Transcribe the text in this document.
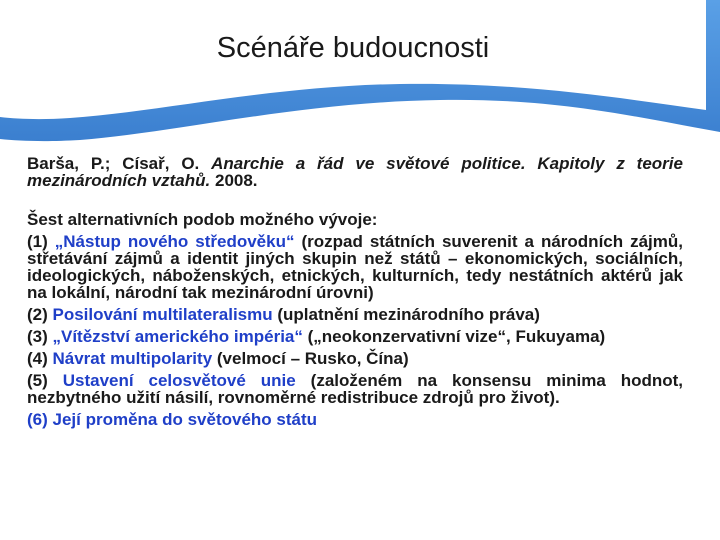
Scénáře budoucnosti

Barša, P.; Císař, O. Anarchie a řád ve světové politice. Kapitoly z teorie mezinárodních vztahů. 2008.

Šest alternativních podob možného vývoje:

(1) „Nástup nového středověku“ (rozpad státních suverenit a národních zájmů, střetávání zájmů a identit jiných skupin než států – ekonomických, sociálních, ideologických, náboženských, etnických, kulturních, tedy nestátních aktérů jak na lokální, národní tak mezinárodní úrovni)

(2) Posilování multilateralismu (uplatnění mezinárodního práva)

(3) „Vítězství amerického impéria“ („neokonzervativní vize“, Fukuyama)

(4) Návrat multipolarity (velmocí – Rusko, Čína)

(5) Ustavení celosvětové unie (založeném na konsensu minima hodnot, nezbytného užití násilí, rovnoměrné redistribuce zdrojů pro život).

(6) Její proměna do světového státu
